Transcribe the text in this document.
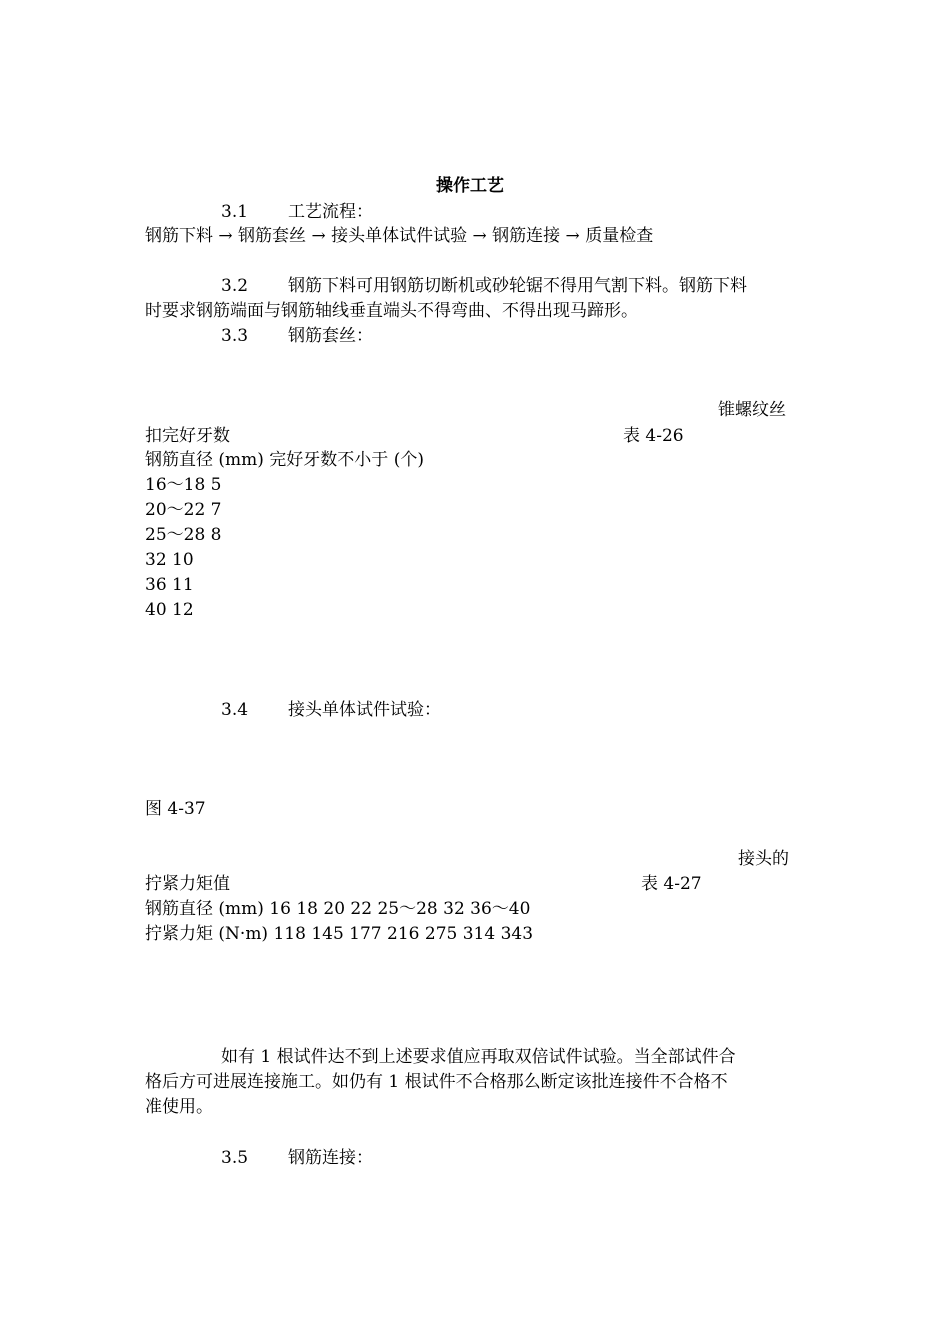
操作工艺
3.1 工艺流程：
钢筋下料 → 钢筋套丝 → 接头单体试件试验 → 钢筋连接 → 质量检查
3.2 钢筋下料可用钢筋切断机或砂轮锯不得用气割下料。钢筋下料
时要求钢筋端面与钢筋轴线垂直端头不得弯曲、不得出现马蹄形。
3.3 钢筋套丝：
锥螺纹丝
扣完好牙数	表 4-26
钢筋直径 (mm) 完好牙数不小于 (个)
16～18 5
20～22 7
25～28 8
32 10
36 11
40 12
3.4 接头单体试件试验：
图 4-37
接头的
拧紧力矩值	表 4-27
钢筋直径 (mm) 16 18 20 22 25～28 32 36～40
拧紧力矩 (N·m) 118 145 177 216 275 314 343
如有 1 根试件达不到上述要求值应再取双倍试件试验。当全部试件合
格后方可进展连接施工。如仍有 1 根试件不合格那么断定该批连接件不合格不
准使用。
3.5 钢筋连接：
